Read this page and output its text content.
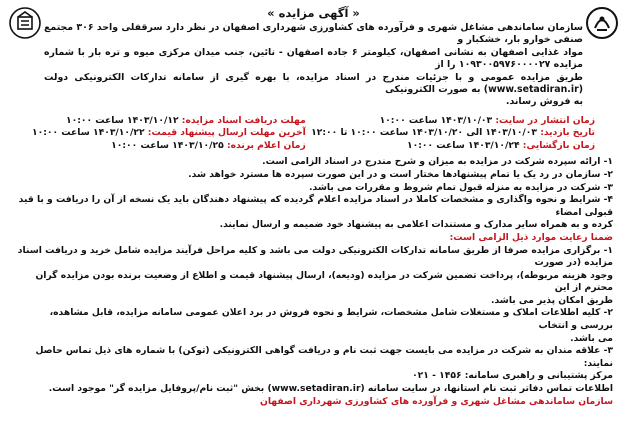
« آگهی مزایده »
سازمان ساماندهی مشاغل شهری و فرآورده های کشاورزی شهرداری اصفهان در نظر دارد سرقفلی واحد ۳۰۶ مجتمع صنفی خوارو بار، خشکبار و
مواد غذایی اصفهان به نشانی اصفهان، کیلومتر ۶ جاده اصفهان - نائین، جنب میدان مرکزی میوه و تره بار با شماره مزایده ۱۰۹۳۰۰۵۹۷۶۰۰۰۰۲۷ را از
طریق مزایده عمومی و با جزئیات مندرج در اسناد مزایده، با بهره گیری از سامانه تدارکات الکترونیکی دولت (www.setadiran.ir) به صورت الکترونیکی
به فروش رساند.
زمان انتشار در سایت: ۱۴۰۳/۱۰/۰۳ ساعت ۱۰:۰۰
تاریخ بازدید: ۱۴۰۳/۱۰/۰۳ الی ۱۴۰۳/۱۰/۲۰ ساعت ۱۰:۰۰ تا ۱۲:۰۰
زمان بازگشایی: ۱۴۰۳/۱۰/۲۴ ساعت ۱۰:۰۰
مهلت دریافت اسناد مزایده: ۱۴۰۳/۱۰/۱۲ ساعت ۱۰:۰۰
آخرین مهلت ارسال پیشنهاد قیمت: ۱۴۰۳/۱۰/۲۲ ساعت ۱۰:۰۰
زمان اعلام برنده: ۱۴۰۳/۱۰/۲۵ ساعت ۱۰:۰۰

۱- ارائه سپرده شرکت در مزایده به میزان و شرح مندرج در اسناد الزامی است.

۲- سازمان در رد یک یا تمام پیشنهادها مختار است و در این صورت سپرده ها مسترد خواهد شد.

۳- شرکت در مزایده به منزله قبول تمام شروط و مقررات می باشد.

۴- شرایط و نحوه واگذاری و مشخصات کاملا در اسناد مزایده اعلام گردیده که پیشنهاد دهندگان باید یک نسخه از آن را دریافت و با قید قبولی امضاء

کرده و به همراه سایر مدارک و مستندات اعلامی به پیشنهاد خود ضمیمه و ارسال نمایند.

ضمنا رعایت موارد ذیل الزامی است:

۱- برگزاری مزایده صرفا از طریق سامانه تدارکات الکترونیکی دولت می باشد و کلیه مراحل فرآیند مزایده شامل خرید و دریافت اسناد مزایده (در صورت

وجود هزینه مربوطه)، پرداخت تضمین شرکت در مزایده (ودیعه)، ارسال پیشنهاد قیمت و اطلاع از وضعیت برنده بودن مزایده گران محترم از این

طریق امکان پذیر می باشد.

۲- کلیه اطلاعات املاک و مستغلات شامل مشخصات، شرایط و نحوه فروش در برد اعلان عمومی سامانه مزایده، قابل مشاهده، بررسی و انتخاب

می باشد.

۳- علاقه مندان به شرکت در مزایده می بایست جهت ثبت نام و دریافت گواهی الکترونیکی (توکن) با شماره های ذیل تماس حاصل نمایند:

مرکز پشتیبانی و راهبری سامانه: ۱۴۵۶ - ۰۲۱

اطلاعات تماس دفاتر ثبت نام استانها، در سایت سامانه (www.setadiran.ir) بخش "ثبت نام/پروفایل مزایده گر" موجود است.

سازمان ساماندهی مشاغل شهری و فرآورده های کشاورزی شهرداری اصفهان
